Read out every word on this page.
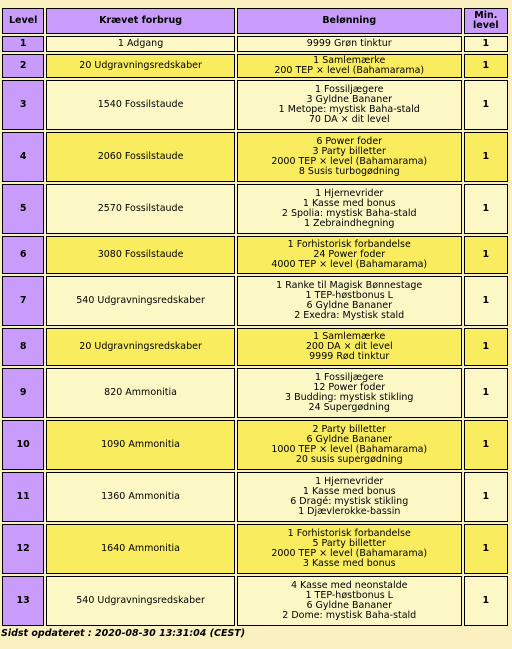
Level	Krævet forbrug	Belønning	Min. level

1	1 Adgang	9999 Grøn tinktur	1
2	20 Udgravningsredskaber	1 Samlemærke
200 TEP × level (Bahamarama)	1
3	1540 Fossilstaude	1 Fossiljægere
3 Gyldne Bananer
1 Metope: mystisk Baha-stald
70 DA × dit level	1
4	2060 Fossilstaude	6 Power foder
3 Party billetter
2000 TEP × level (Bahamarama)
8 Susis turbogødning	1
5	2570 Fossilstaude	1 Hjernevrider
1 Kasse med bonus
2 Spolia: mystisk Baha-stald
1 Zebraindhegning	1
6	3080 Fossilstaude	1 Forhistorisk forbandelse
24 Power foder
4000 TEP × level (Bahamarama)	1
7	540 Udgravningsredskaber	1 Ranke til Magisk Bønnestage
1 TEP-høstbonus L
6 Gyldne Bananer
2 Exedra: Mystisk stald	1
8	20 Udgravningsredskaber	1 Samlemærke
200 DA × dit level
9999 Rød tinktur	1
9	820 Ammonitia	1 Fossiljægere
12 Power foder
3 Budding: mystisk stikling
24 Supergødning	1
10	1090 Ammonitia	2 Party billetter
6 Gyldne Bananer
1000 TEP × level (Bahamarama)
20 susis supergødning	1
11	1360 Ammonitia	1 Hjernevrider
1 Kasse med bonus
6 Dragé: mystisk stikling
1 Djævlerokke-bassin	1
12	1640 Ammonitia	1 Forhistorisk forbandelse
5 Party billetter
2000 TEP × level (Bahamarama)
3 Kasse med bonus	1
13	540 Udgravningsredskaber	4 Kasse med neonstalde
1 TEP-høstbonus L
6 Gyldne Bananer
2 Dome: mystisk Baha-stald	1
Sidst opdateret : 2020-08-30 13:31:04 (CEST)
